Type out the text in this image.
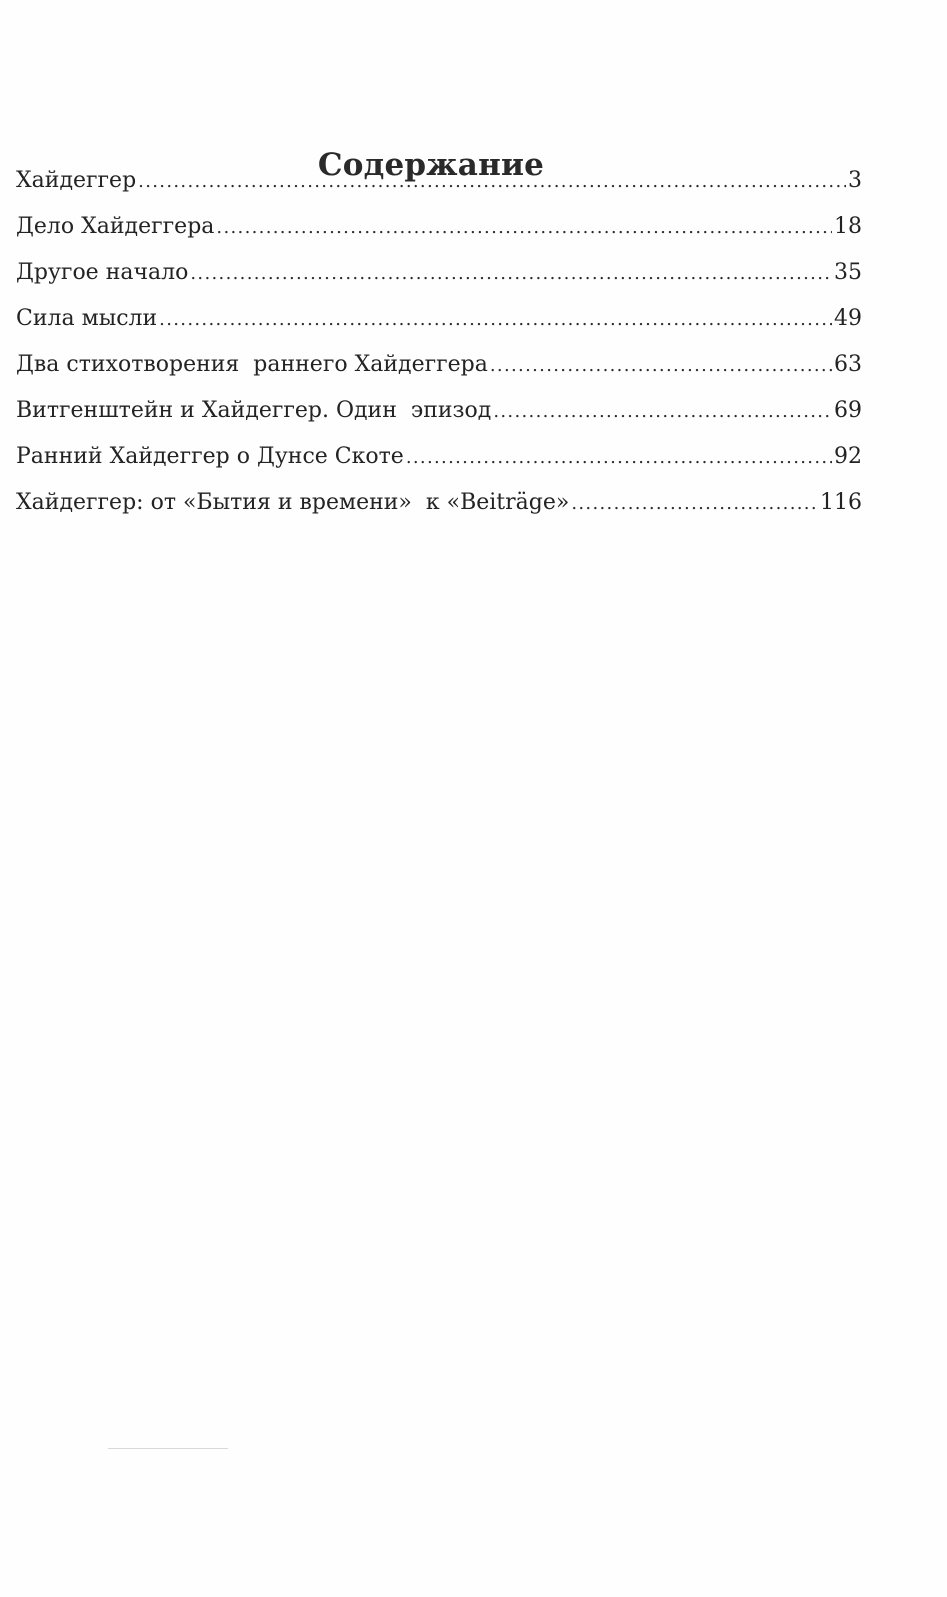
Содержание
Хайдеггер . . .	3
Дело Хайдеггера . . .	18
Другое начало . . .	35
Сила мысли . . .	49
Два стихотворения  раннего Хайдеггера . . .	63
Витгенштейн и Хайдеггер. Один  эпизод . . .	69
Ранний Хайдеггер о Дунсе Скоте . . .	92
Хайдеггер: от «Бытия и времени»  к «Beiträge» . . .	116
